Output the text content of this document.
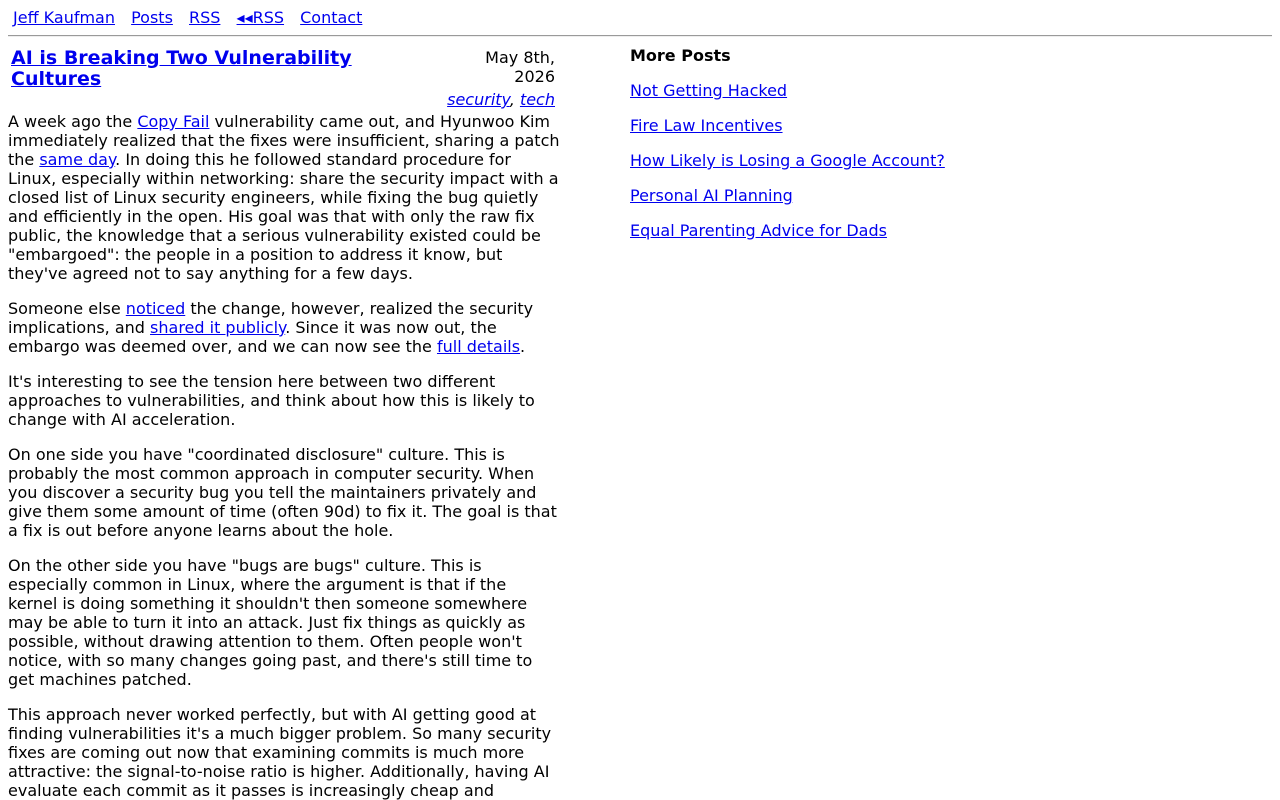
Jeff Kaufman Posts RSS ◂◂RSS Contact
AI is Breaking Two Vulnerability Cultures
May 8th,
2026
security, tech

A week ago the Copy Fail vulnerability came out, and Hyunwoo Kim immediately realized that the fixes were insufficient, sharing a patch the same day. In doing this he followed standard procedure for Linux, especially within networking: share the security impact with a closed list of Linux security engineers, while fixing the bug quietly and efficiently in the open. His goal was that with only the raw fix public, the knowledge that a serious vulnerability existed could be "embargoed": the people in a position to address it know, but they've agreed not to say anything for a few days.

Someone else noticed the change, however, realized the security implications, and shared it publicly. Since it was now out, the embargo was deemed over, and we can now see the full details.

It's interesting to see the tension here between two different approaches to vulnerabilities, and think about how this is likely to change with AI acceleration.

On one side you have "coordinated disclosure" culture. This is probably the most common approach in computer security. When you discover a security bug you tell the maintainers privately and give them some amount of time (often 90d) to fix it. The goal is that a fix is out before anyone learns about the hole.

On the other side you have "bugs are bugs" culture. This is especially common in Linux, where the argument is that if the kernel is doing something it shouldn't then someone somewhere may be able to turn it into an attack. Just fix things as quickly as possible, without drawing attention to them. Often people won't notice, with so many changes going past, and there's still time to get machines patched.

This approach never worked perfectly, but with AI getting good at finding vulnerabilities it's a much bigger problem. So many security fixes are coming out now that examining commits is much more attractive: the signal-to-noise ratio is higher. Additionally, having AI evaluate each commit as it passes is increasingly cheap and

More Posts
Not Getting Hacked
Fire Law Incentives
How Likely is Losing a Google Account?
Personal AI Planning
Equal Parenting Advice for Dads
